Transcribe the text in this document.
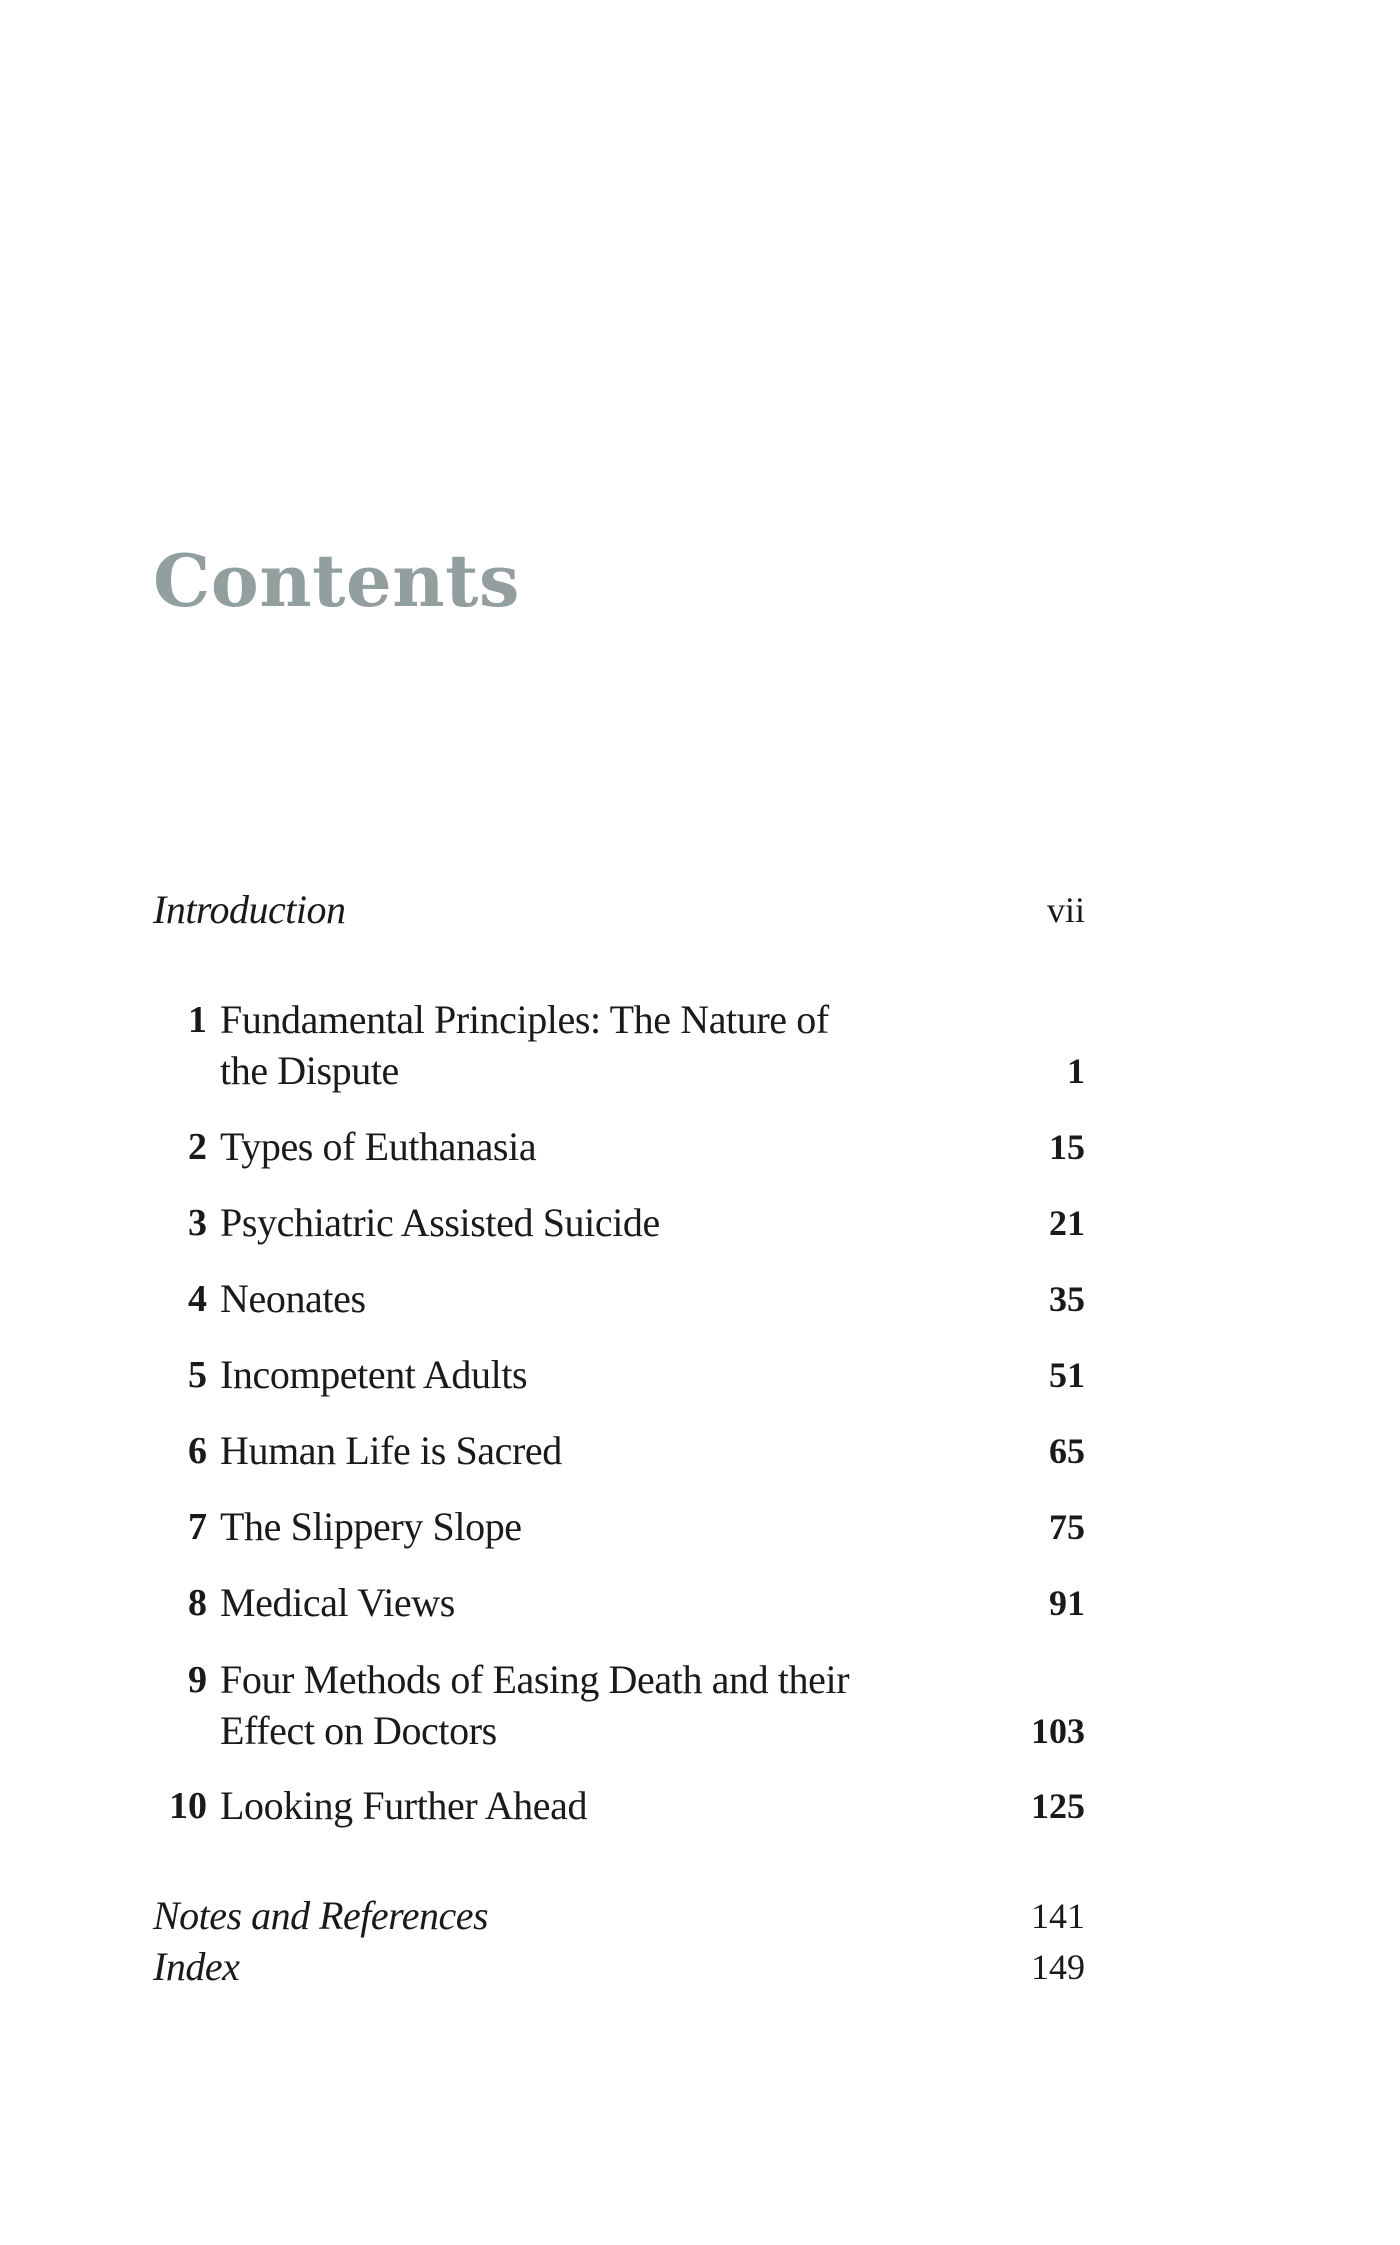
Contents
Introduction	vii
1 Fundamental Principles: The Nature of
the Dispute	1
2 Types of Euthanasia	15
3 Psychiatric Assisted Suicide	21
4 Neonates	35
5 Incompetent Adults	51
6 Human Life is Sacred	65
7 The Slippery Slope	75
8 Medical Views	91
9 Four Methods of Easing Death and their
Effect on Doctors	103
10 Looking Further Ahead	125
Notes and References	141
Index	149
